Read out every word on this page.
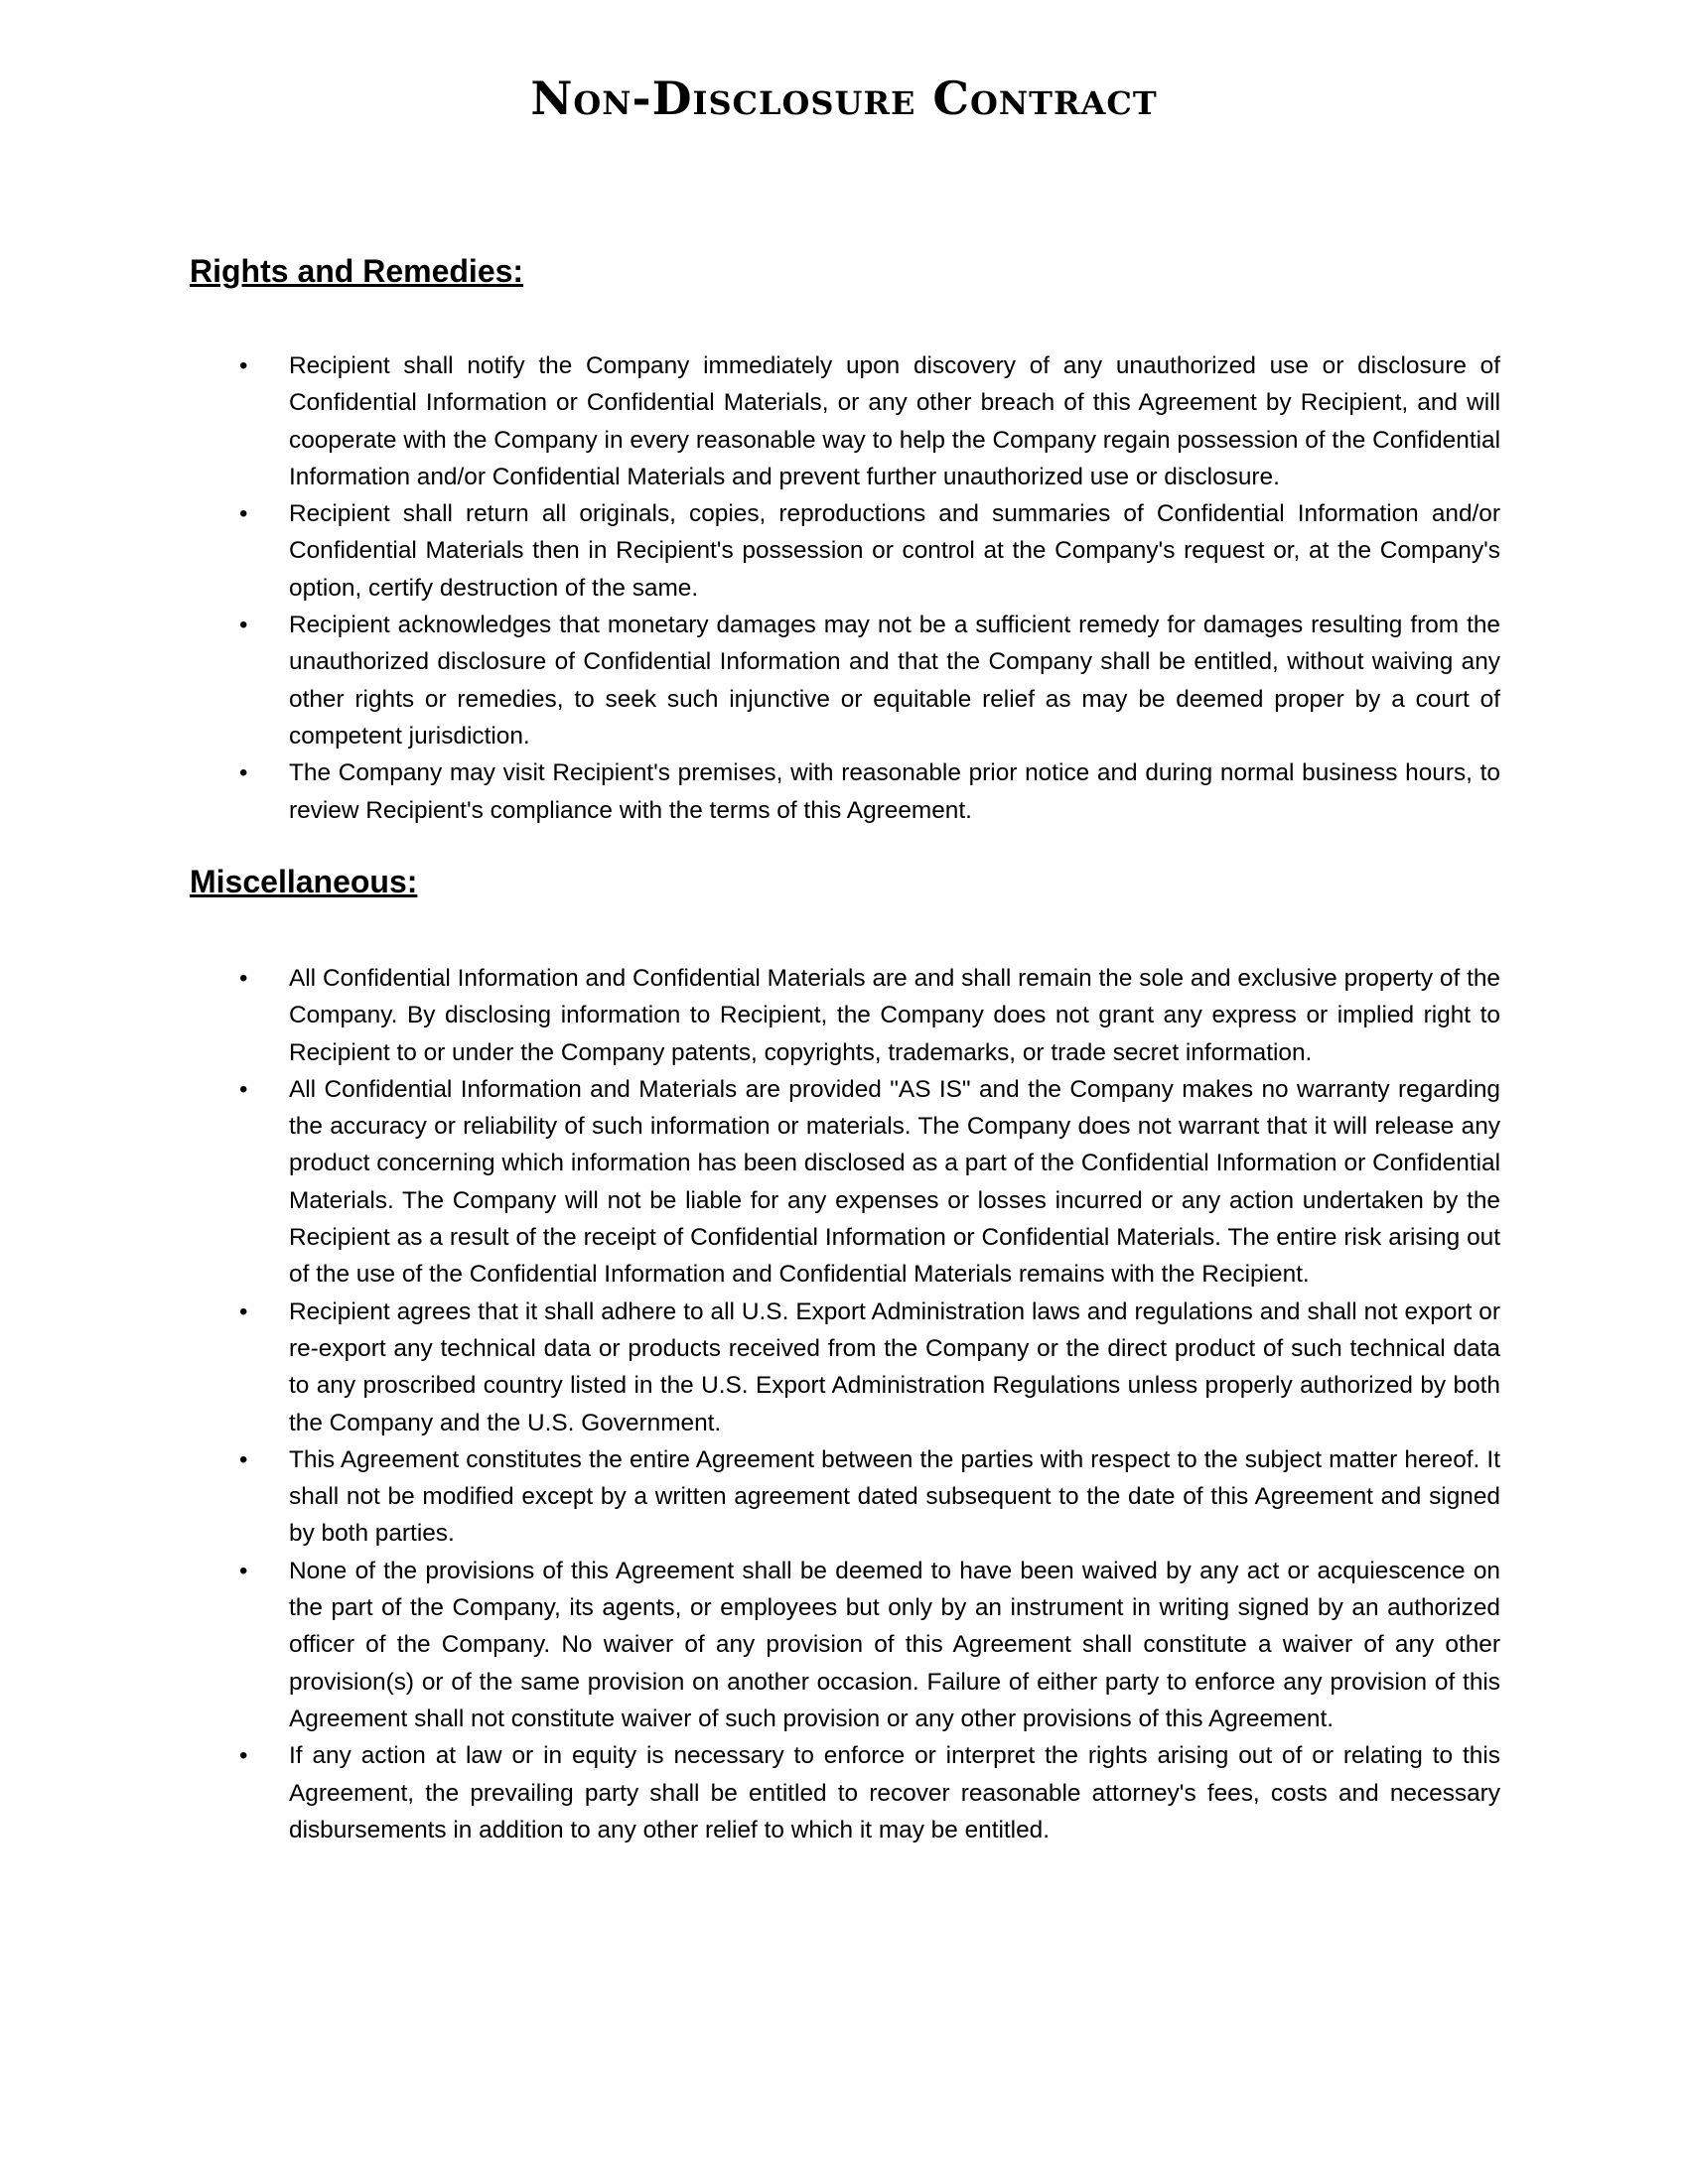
Non-Disclosure Contract
Rights and Remedies:
• Recipient shall notify the Company immediately upon discovery of any unauthorized use or disclosure of Confidential Information or Confidential Materials, or any other breach of this Agreement by Recipient, and will cooperate with the Company in every reasonable way to help the Company regain possession of the Confidential Information and/or Confidential Materials and prevent further unauthorized use or disclosure.
• Recipient shall return all originals, copies, reproductions and summaries of Confidential Information and/or Confidential Materials then in Recipient's possession or control at the Company's request or, at the Company's option, certify destruction of the same.
• Recipient acknowledges that monetary damages may not be a sufficient remedy for damages resulting from the unauthorized disclosure of Confidential Information and that the Company shall be entitled, without waiving any other rights or remedies, to seek such injunctive or equitable relief as may be deemed proper by a court of competent jurisdiction.
• The Company may visit Recipient's premises, with reasonable prior notice and during normal business hours, to review Recipient's compliance with the terms of this Agreement.
Miscellaneous:
• All Confidential Information and Confidential Materials are and shall remain the sole and exclusive property of the Company. By disclosing information to Recipient, the Company does not grant any express or implied right to Recipient to or under the Company patents, copyrights, trademarks, or trade secret information.
• All Confidential Information and Materials are provided "AS IS" and the Company makes no warranty regarding the accuracy or reliability of such information or materials. The Company does not warrant that it will release any product concerning which information has been disclosed as a part of the Confidential Information or Confidential Materials. The Company will not be liable for any expenses or losses incurred or any action undertaken by the Recipient as a result of the receipt of Confidential Information or Confidential Materials. The entire risk arising out of the use of the Confidential Information and Confidential Materials remains with the Recipient.
• Recipient agrees that it shall adhere to all U.S. Export Administration laws and regulations and shall not export or re-export any technical data or products received from the Company or the direct product of such technical data to any proscribed country listed in the U.S. Export Administration Regulations unless properly authorized by both the Company and the U.S. Government.
• This Agreement constitutes the entire Agreement between the parties with respect to the subject matter hereof. It shall not be modified except by a written agreement dated subsequent to the date of this Agreement and signed by both parties.
• None of the provisions of this Agreement shall be deemed to have been waived by any act or acquiescence on the part of the Company, its agents, or employees but only by an instrument in writing signed by an authorized officer of the Company. No waiver of any provision of this Agreement shall constitute a waiver of any other provision(s) or of the same provision on another occasion. Failure of either party to enforce any provision of this Agreement shall not constitute waiver of such provision or any other provisions of this Agreement.
• If any action at law or in equity is necessary to enforce or interpret the rights arising out of or relating to this Agreement, the prevailing party shall be entitled to recover reasonable attorney's fees, costs and necessary disbursements in addition to any other relief to which it may be entitled.
